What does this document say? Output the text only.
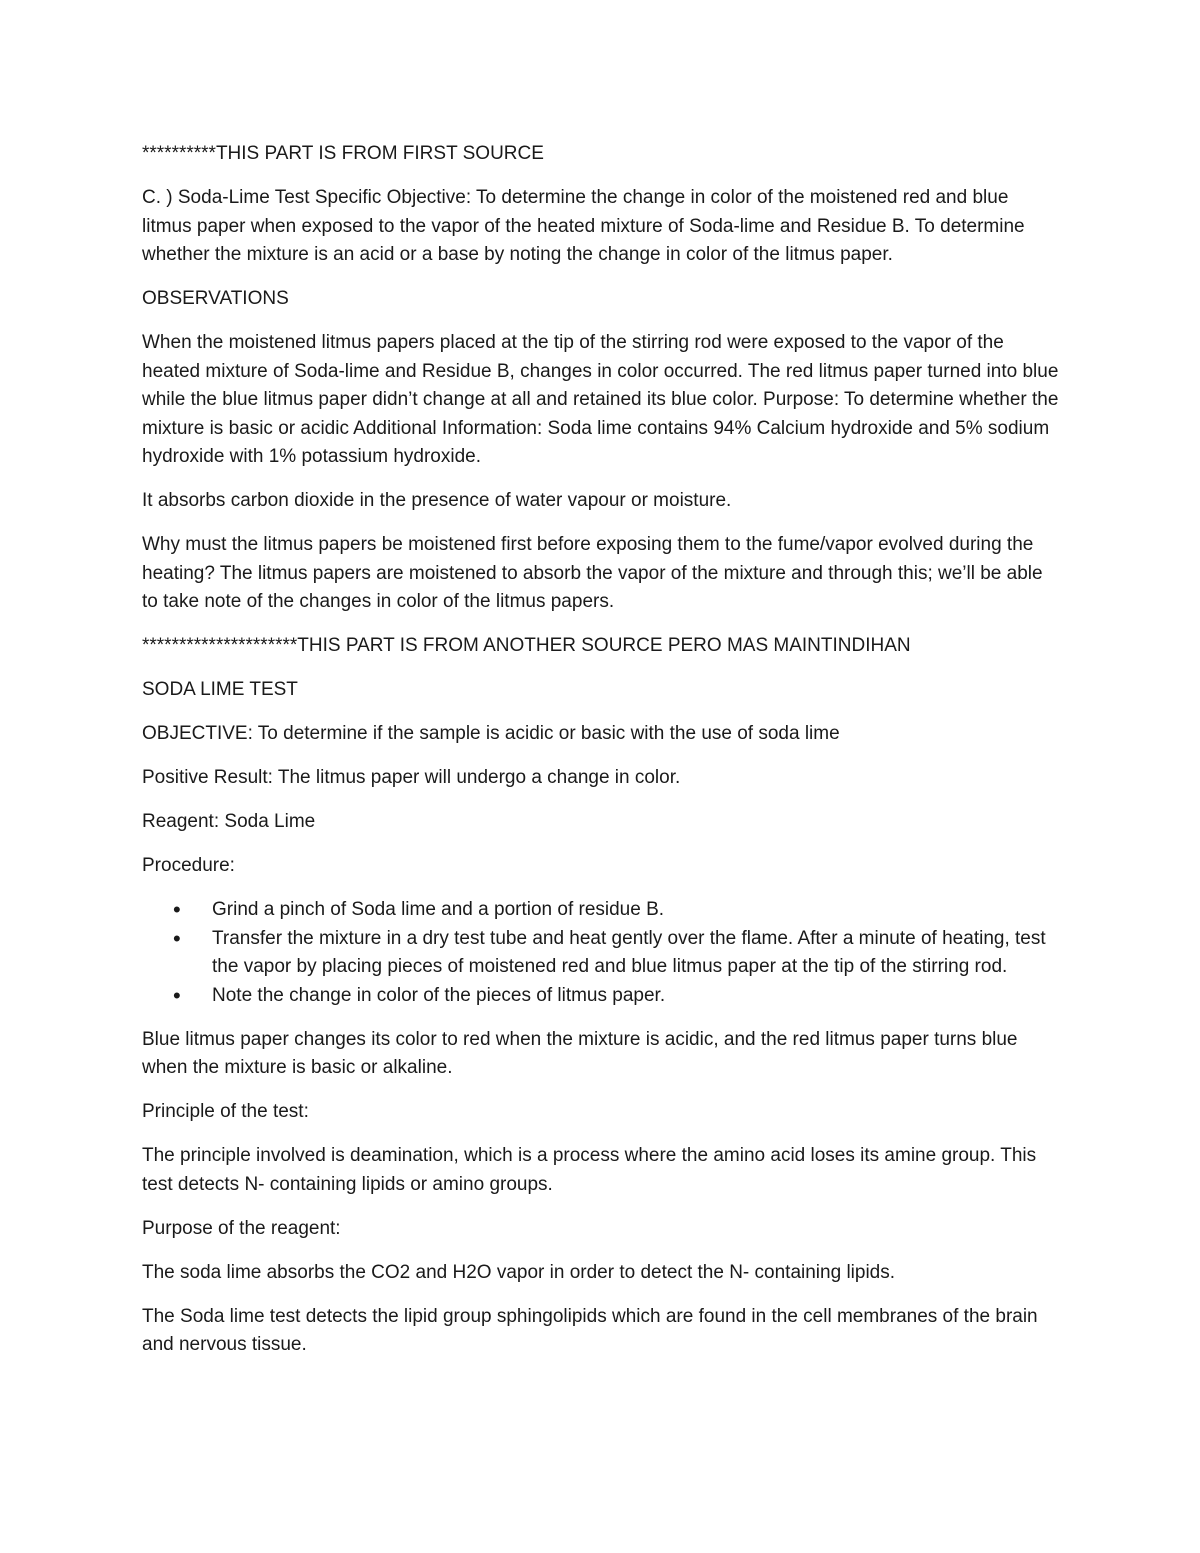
**********THIS PART IS FROM FIRST SOURCE

C. ) Soda-Lime Test Specific Objective: To determine the change in color of the moistened red and blue litmus paper when exposed to the vapor of the heated mixture of Soda-lime and Residue B. To determine whether the mixture is an acid or a base by noting the change in color of the litmus paper.

OBSERVATIONS

When the moistened litmus papers placed at the tip of the stirring rod were exposed to the vapor of the heated mixture of Soda-lime and Residue B, changes in color occurred. The red litmus paper turned into blue while the blue litmus paper didn’t change at all and retained its blue color. Purpose: To determine whether the mixture is basic or acidic Additional Information: Soda lime contains 94% Calcium hydroxide and 5% sodium hydroxide with 1% potassium hydroxide.

It absorbs carbon dioxide in the presence of water vapour or moisture.

Why must the litmus papers be moistened first before exposing them to the fume/vapor evolved during the heating? The litmus papers are moistened to absorb the vapor of the mixture and through this; we’ll be able to take note of the changes in color of the litmus papers.

*********************THIS PART IS FROM ANOTHER SOURCE PERO MAS MAINTINDIHAN

SODA LIME TEST

OBJECTIVE: To determine if the sample is acidic or basic with the use of soda lime

Positive Result: The litmus paper will undergo a change in color.

Reagent: Soda Lime

Procedure:

• Grind a pinch of Soda lime and a portion of residue B.
• Transfer the mixture in a dry test tube and heat gently over the flame. After a minute of heating, test the vapor by placing pieces of moistened red and blue litmus paper at the tip of the stirring rod.
• Note the change in color of the pieces of litmus paper.

Blue litmus paper changes its color to red when the mixture is acidic, and the red litmus paper turns blue when the mixture is basic or alkaline.

Principle of the test:

The principle involved is deamination, which is a process where the amino acid loses its amine group. This test detects N- containing lipids or amino groups.

Purpose of the reagent:

The soda lime absorbs the CO2 and H2O vapor in order to detect the N- containing lipids.

The Soda lime test detects the lipid group sphingolipids which are found in the cell membranes of the brain and nervous tissue.
